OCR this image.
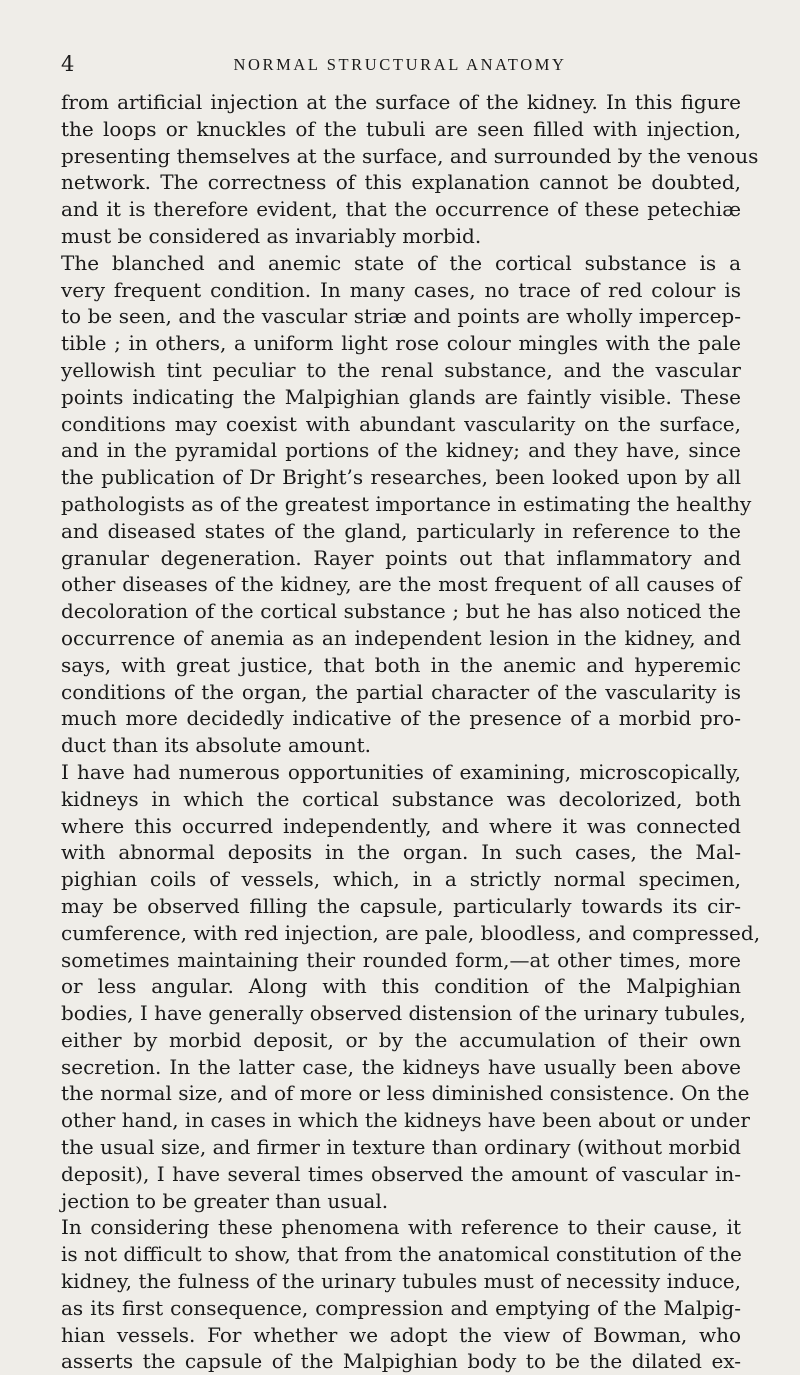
4	NORMAL STRUCTURAL ANATOMY
from artificial injection at the surface of the kidney. In this figure
the loops or knuckles of the tubuli are seen filled with injection,
presenting themselves at the surface, and surrounded by the venous
network. The correctness of this explanation cannot be doubted,
and it is therefore evident, that the occurrence of these petechiæ
must be considered as invariably morbid.
The blanched and anemic state of the cortical substance is a
very frequent condition. In many cases, no trace of red colour is
to be seen, and the vascular striæ and points are wholly impercep-
tible ; in others, a uniform light rose colour mingles with the pale
yellowish tint peculiar to the renal substance, and the vascular
points indicating the Malpighian glands are faintly visible. These
conditions may coexist with abundant vascularity on the surface,
and in the pyramidal portions of the kidney; and they have, since
the publication of Dr Bright’s researches, been looked upon by all
pathologists as of the greatest importance in estimating the healthy
and diseased states of the gland, particularly in reference to the
granular degeneration. Rayer points out that inflammatory and
other diseases of the kidney, are the most frequent of all causes of
decoloration of the cortical substance ; but he has also noticed the
occurrence of anemia as an independent lesion in the kidney, and
says, with great justice, that both in the anemic and hyperemic
conditions of the organ, the partial character of the vascularity is
much more decidedly indicative of the presence of a morbid pro-
duct than its absolute amount.
I have had numerous opportunities of examining, microscopically,
kidneys in which the cortical substance was decolorized, both
where this occurred independently, and where it was connected
with abnormal deposits in the organ. In such cases, the Mal-
pighian coils of vessels, which, in a strictly normal specimen,
may be observed filling the capsule, particularly towards its cir-
cumference, with red injection, are pale, bloodless, and compressed,
sometimes maintaining their rounded form,—at other times, more
or less angular. Along with this condition of the Malpighian
bodies, I have generally observed distension of the urinary tubules,
either by morbid deposit, or by the accumulation of their own
secretion. In the latter case, the kidneys have usually been above
the normal size, and of more or less diminished consistence. On the
other hand, in cases in which the kidneys have been about or under
the usual size, and firmer in texture than ordinary (without morbid
deposit), I have several times observed the amount of vascular in-
jection to be greater than usual.
In considering these phenomena with reference to their cause, it
is not difficult to show, that from the anatomical constitution of the
kidney, the fulness of the urinary tubules must of necessity induce,
as its first consequence, compression and emptying of the Malpig-
hian vessels. For whether we adopt the view of Bowman, who
asserts the capsule of the Malpighian body to be the dilated ex-
